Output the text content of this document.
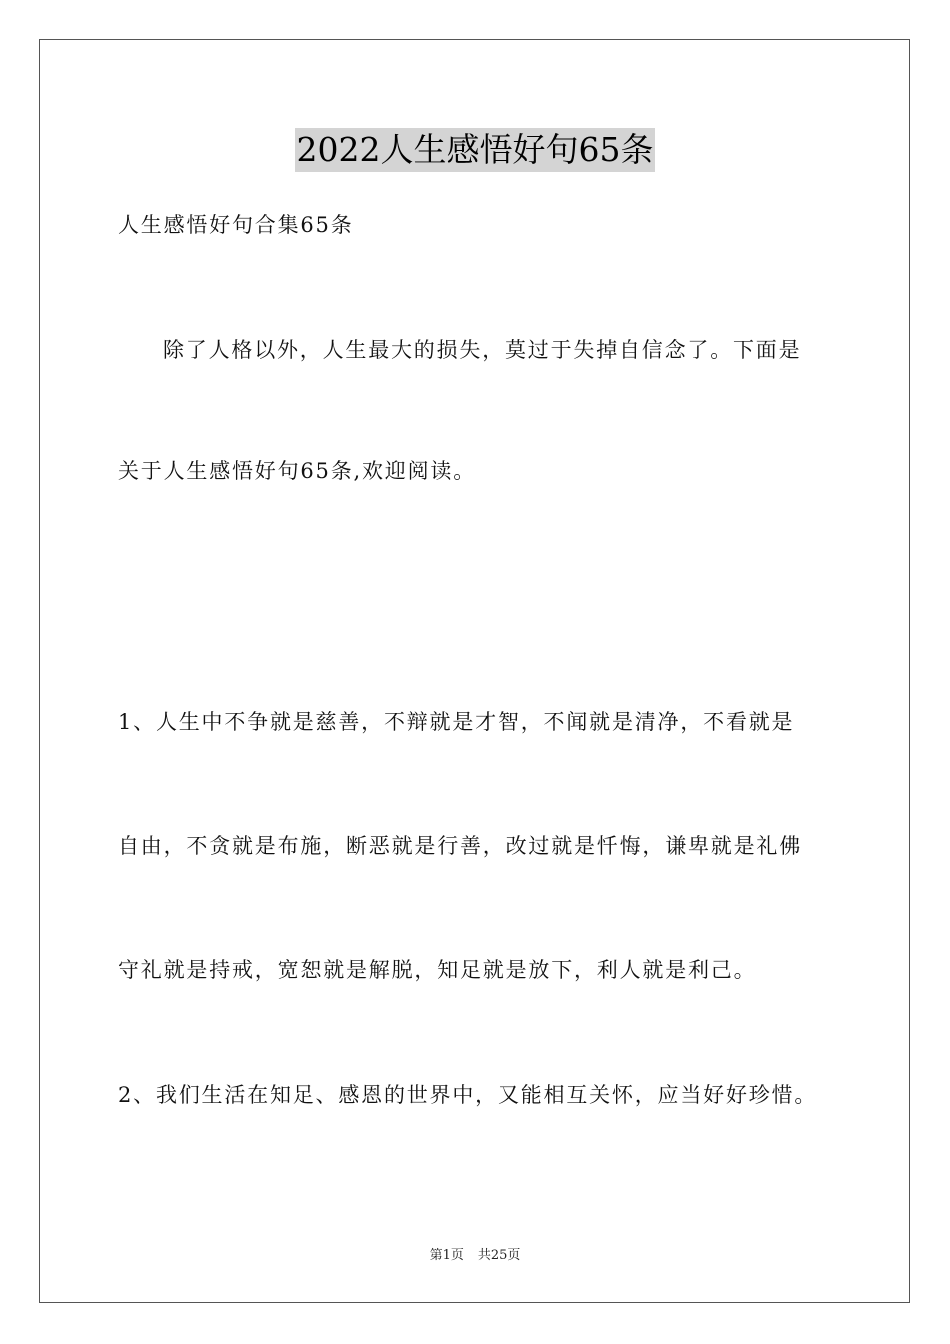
2022人生感悟好句65条
人生感悟好句合集65条
除了人格以外，人生最大的损失，莫过于失掉自信念了。下面是
关于人生感悟好句65条,欢迎阅读。
1、人生中不争就是慈善，不辩就是才智，不闻就是清净，不看就是
自由，不贪就是布施，断恶就是行善，改过就是忏悔，谦卑就是礼佛
守礼就是持戒，宽恕就是解脱，知足就是放下，利人就是利己。
2、我们生活在知足、感恩的世界中，又能相互关怀，应当好好珍惜。
第1页 共25页
